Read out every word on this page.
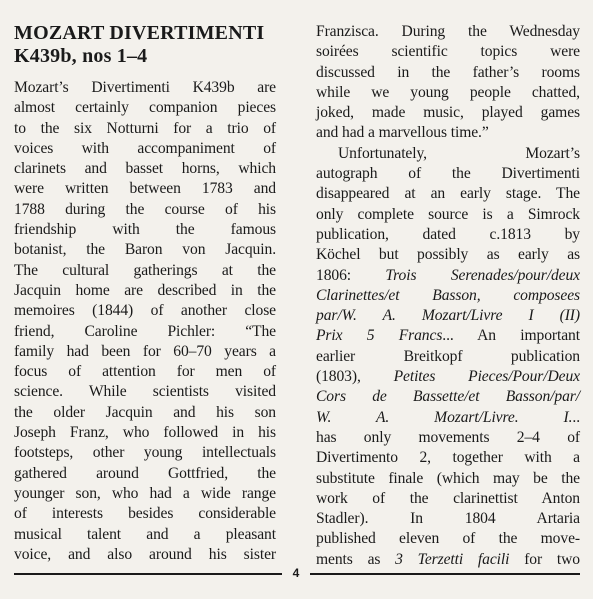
MOZART DIVERTIMENTI
K439b, nos 1–4
Mozart’s Divertimenti K439b are
almost certainly companion pieces
to the six Notturni for a trio of
voices with accompaniment of
clarinets and basset horns, which
were written between 1783 and
1788 during the course of his
friendship with the famous
botanist, the Baron von Jacquin.
The cultural gatherings at the
Jacquin home are described in the
memoires (1844) of another close
friend, Caroline Pichler: “The
family had been for 60–70 years a
focus of attention for men of
science. While scientists visited
the older Jacquin and his son
Joseph Franz, who followed in his
footsteps, other young intellectuals
gathered around Gottfried, the
younger son, who had a wide range
of interests besides considerable
musical talent and a pleasant
voice, and also around his sister
Franzisca. During the Wednesday
soirées scientific topics were
discussed in the father’s rooms
while we young people chatted,
joked, made music, played games
and had a marvellous time.”
Unfortunately, Mozart’s
autograph of the Divertimenti
disappeared at an early stage. The
only complete source is a Simrock
publication, dated c.1813 by
Köchel but possibly as early as
1806: Trois Serenades/pour/deux
Clarinettes/et Basson, composees
par/W. A. Mozart/Livre I (II)
Prix 5 Francs... An important
earlier Breitkopf publication
(1803), Petites Pieces/Pour/Deux
Cors de Bassette/et Basson/par/
W. A. Mozart/Livre. I...
has only movements 2–4 of
Divertimento 2, together with a
substitute finale (which may be the
work of the clarinettist Anton
Stadler). In 1804 Artaria
published eleven of the move-
ments as 3 Terzetti facili for two
4
